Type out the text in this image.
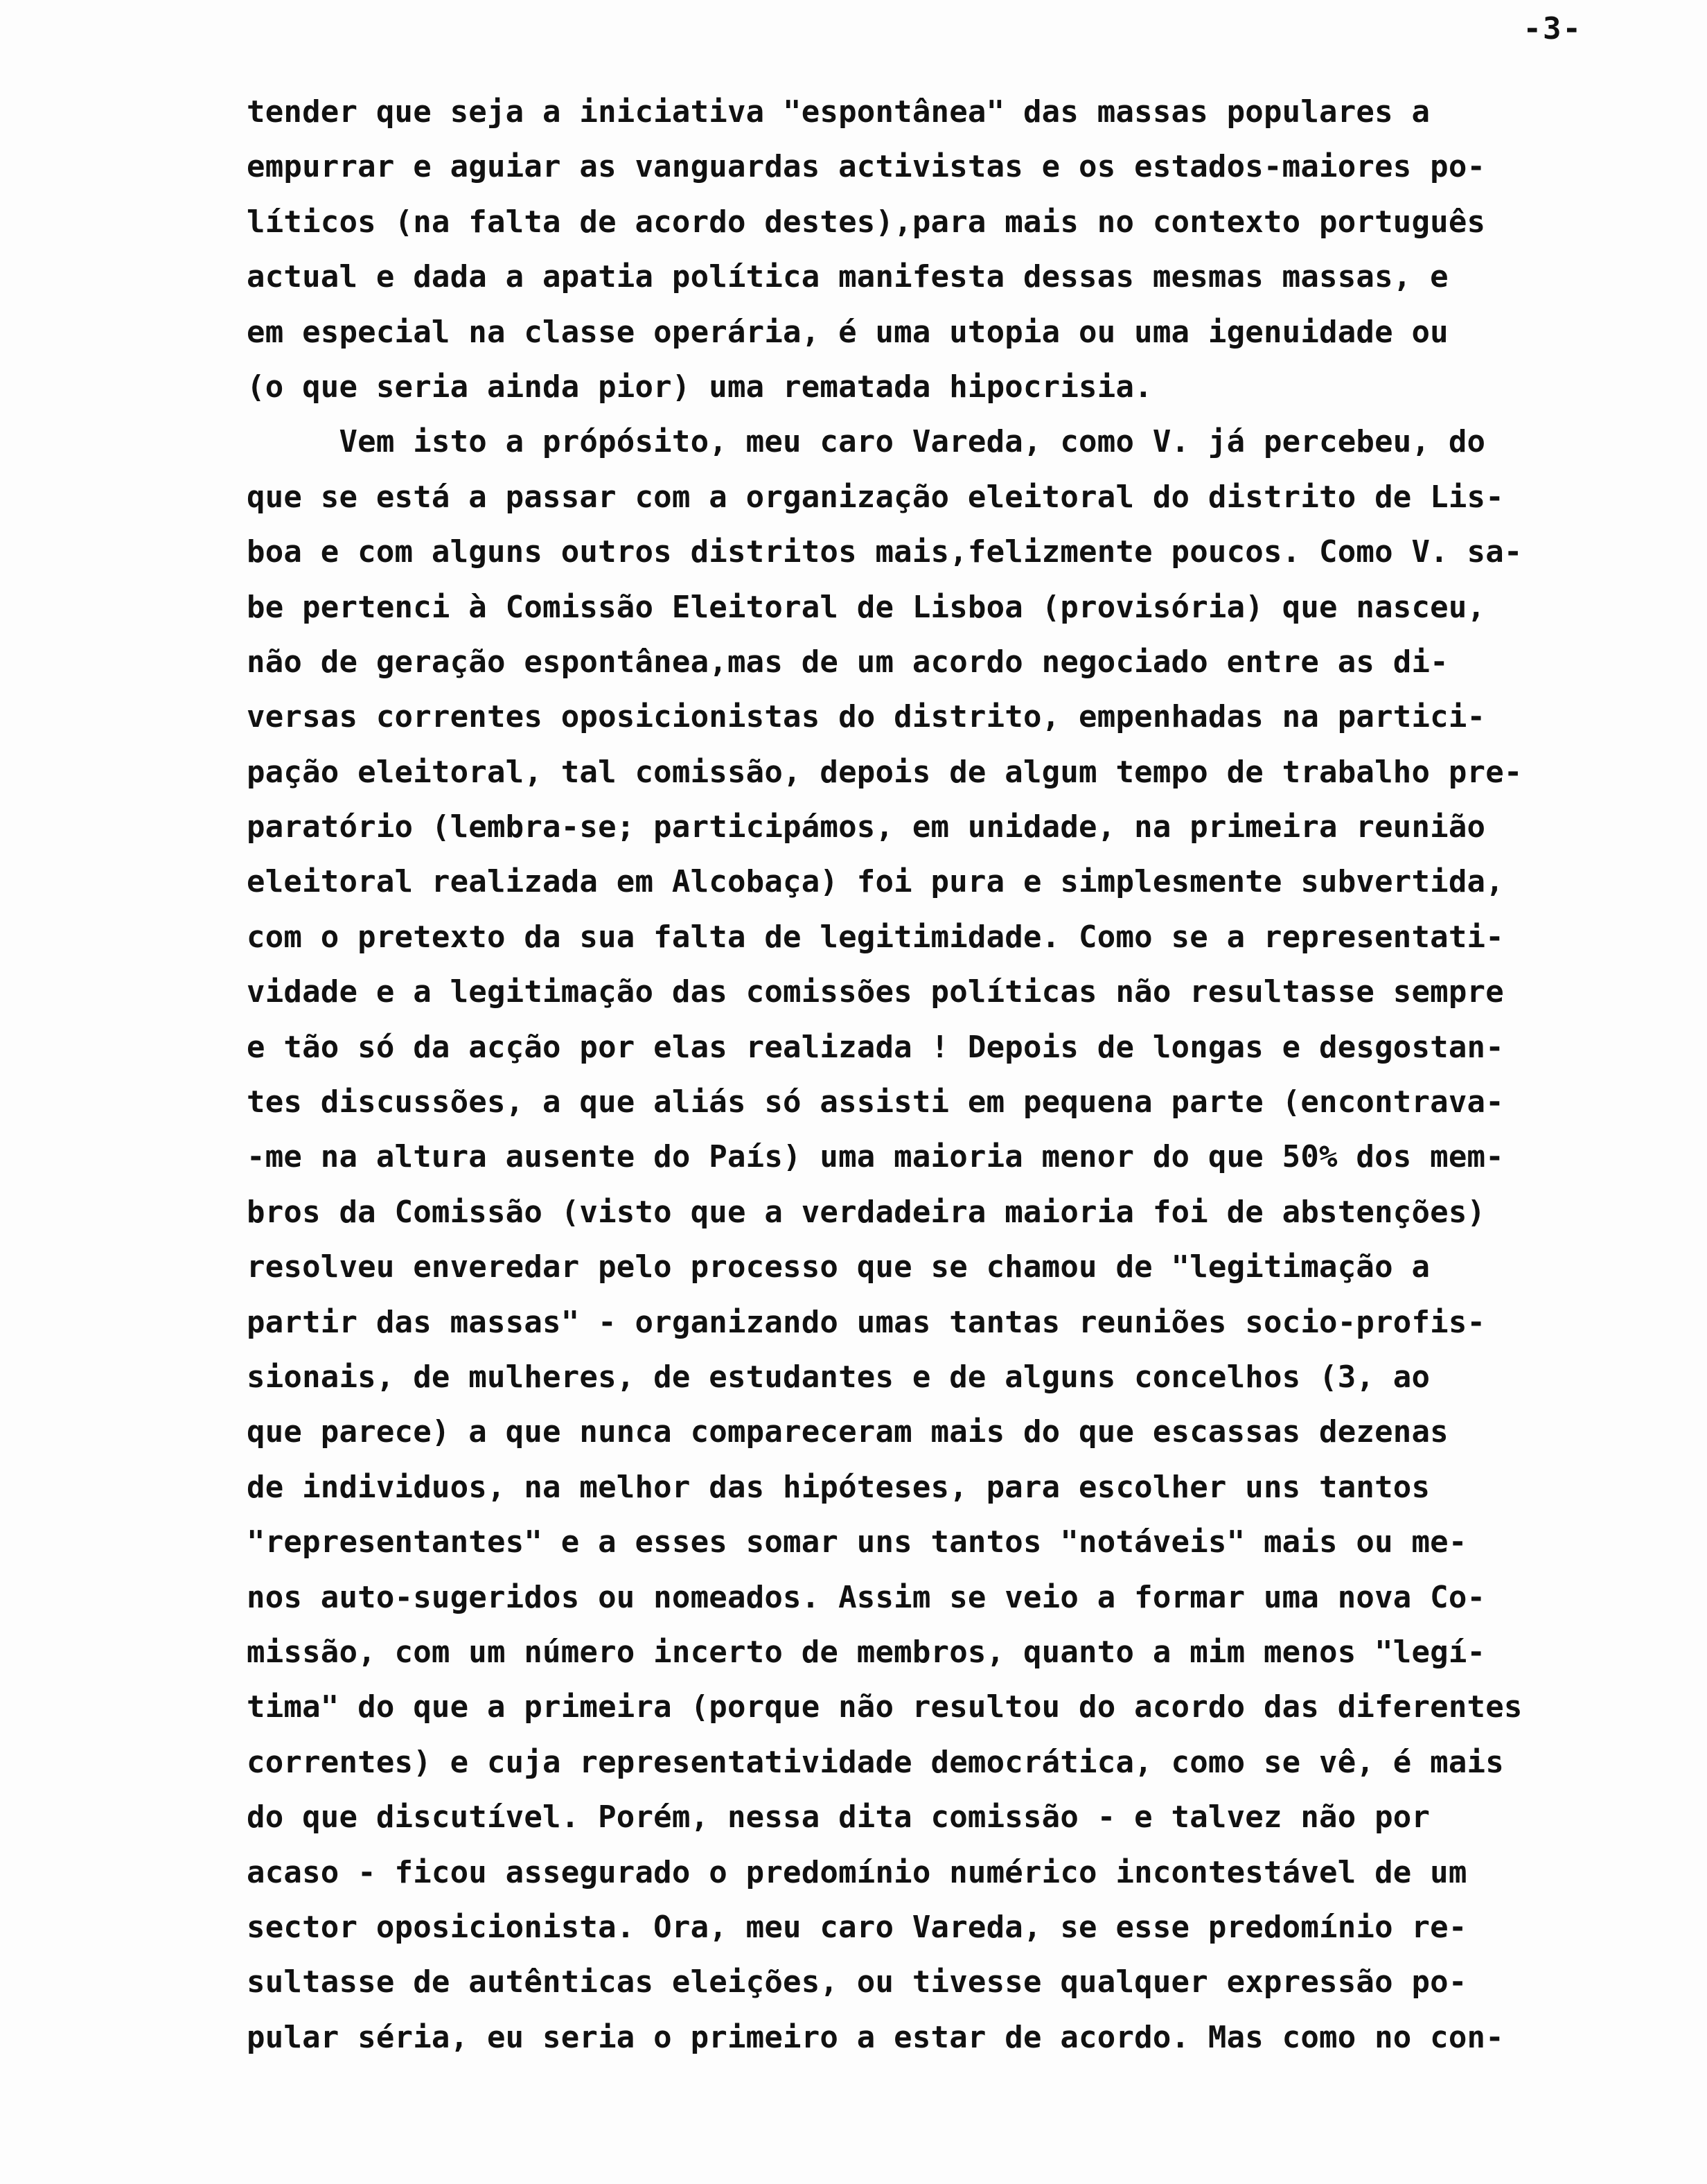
-3-
tender que seja a iniciativa "espontânea" das massas populares a
empurrar e aguiar as vanguardas activistas e os estados-maiores po-
líticos (na falta de acordo destes),para mais no contexto português
actual e dada a apatia política manifesta dessas mesmas massas, e
em especial na classe operária, é uma utopia ou uma igenuidade ou
(o que seria ainda pior) uma rematada hipocrisia.
Vem isto a própósito, meu caro Vareda, como V. já percebeu, do
que se está a passar com a organização eleitoral do distrito de Lis-
boa e com alguns outros distritos mais,felizmente poucos. Como V. sa-
be pertenci à Comissão Eleitoral de Lisboa (provisória) que nasceu,
não de geração espontânea,mas de um acordo negociado entre as di-
versas correntes oposicionistas do distrito, empenhadas na partici-
pação eleitoral, tal comissão, depois de algum tempo de trabalho pre-
paratório (lembra-se; participámos, em unidade, na primeira reunião
eleitoral realizada em Alcobaça) foi pura e simplesmente subvertida,
com o pretexto da sua falta de legitimidade. Como se a representati-
vidade e a legitimação das comissões políticas não resultasse sempre
e tão só da acção por elas realizada ! Depois de longas e desgostan-
tes discussões, a que aliás só assisti em pequena parte (encontrava-
-me na altura ausente do País) uma maioria menor do que 50% dos mem-
bros da Comissão (visto que a verdadeira maioria foi de abstenções)
resolveu enveredar pelo processo que se chamou de "legitimação a
partir das massas" - organizando umas tantas reuniões socio-profis-
sionais, de mulheres, de estudantes e de alguns concelhos (3, ao
que parece) a que nunca compareceram mais do que escassas dezenas
de individuos, na melhor das hipóteses, para escolher uns tantos
"representantes" e a esses somar uns tantos "notáveis" mais ou me-
nos auto-sugeridos ou nomeados. Assim se veio a formar uma nova Co-
missão, com um número incerto de membros, quanto a mim menos "legí-
tima" do que a primeira (porque não resultou do acordo das diferentes
correntes) e cuja representatividade democrática, como se vê, é mais
do que discutível. Porém, nessa dita comissão - e talvez não por
acaso - ficou assegurado o predomínio numérico incontestável de um
sector oposicionista. Ora, meu caro Vareda, se esse predomínio re-
sultasse de autênticas eleições, ou tivesse qualquer expressão po-
pular séria, eu seria o primeiro a estar de acordo. Mas como no con-
